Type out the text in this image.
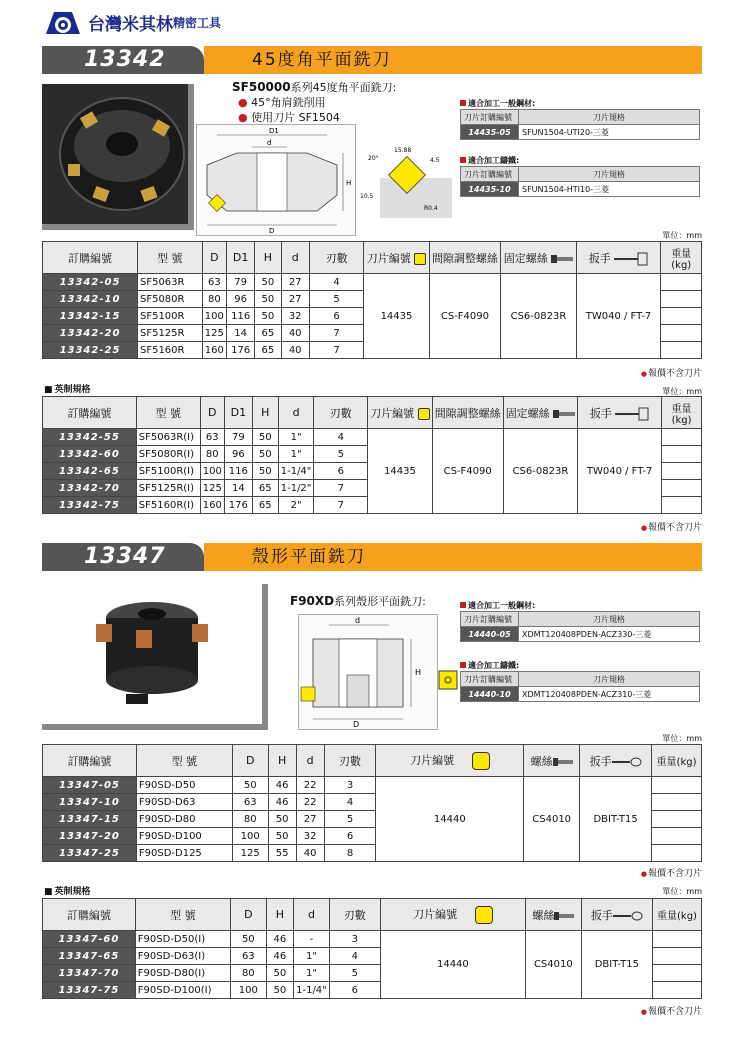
台灣米其林 精密工具
13342	45度角平面銑刀
SF50000系列45度角平面銑刀:
● 45°角肩銑削用
● 使用刀片 SF1504
D1
d
H
D
20°
15.88
10.5
4.5
R0.4
適合加工一般鋼材:
刀片訂購編號	刀片規格
14435-05	SFUN1504-UTI20-三菱
適合加工鑄鐵:
刀片訂購編號	刀片規格
14435-10	SFUN1504-HTI10-三菱
單位：mm
訂購編號	型 號	D	D1	H	d	刃數	刀片編號	間隙調整螺絲	固定螺絲	扳手	重量(kg)
13342-05	SF5063R	63	79	50	27	4	14435	CS-F4090	CS6-0823R	TW040 / FT-7	
13342-10	SF5080R	80	96	50	27	5					
13342-15	SF5100R	100	116	50	32	6					
13342-20	SF5125R	125	14	65	40	7					
13342-25	SF5160R	160	176	65	40	7					
● 報價不含刀片
■ 英制規格	單位：mm
訂購編號	型 號	D	D1	H	d	刃數	刀片編號	間隙調整螺絲	固定螺絲	扳手	重量(kg)
13342-55	SF5063R(I)	63	79	50	1"	4	14435	CS-F4090	CS6-0823R	TW040 / FT-7	
13342-60	SF5080R(I)	80	96	50	1"	5					
13342-65	SF5100R(I)	100	116	50	1-1/4"	6					
13342-70	SF5125R(I)	125	14	65	1-1/2"	7					
13342-75	SF5160R(I)	160	176	65	2"	7					
● 報價不含刀片
13347	殼形平面銑刀
F90XD系列殼形平面銑刀:
d
H
D
適合加工一般鋼材:
刀片訂購編號	刀片規格
14440-05	XDMT120408PDEN-ACZ330-三菱
適合加工鑄鐵:
刀片訂購編號	刀片規格
14440-10	XDMT120408PDEN-ACZ310-三菱
單位：mm
訂購編號	型 號	D	H	d	刃數	刀片編號	螺絲	扳手	重量(kg)
13347-05	F90SD-D50	50	46	22	3	14440	CS4010	DBIT-T15	
13347-10	F90SD-D63	63	46	22	4				
13347-15	F90SD-D80	80	50	27	5				
13347-20	F90SD-D100	100	50	32	6				
13347-25	F90SD-D125	125	55	40	8				
● 報價不含刀片
■ 英制規格	單位：mm
訂購編號	型 號	D	H	d	刃數	刀片編號	螺絲	扳手	重量(kg)
13347-60	F90SD-D50(I)	50	46	-	3	14440	CS4010	DBIT-T15	
13347-65	F90SD-D63(I)	63	46	1"	4				
13347-70	F90SD-D80(I)	80	50	1"	5				
13347-75	F90SD-D100(I)	100	50	1-1/4"	6				
● 報價不含刀片
